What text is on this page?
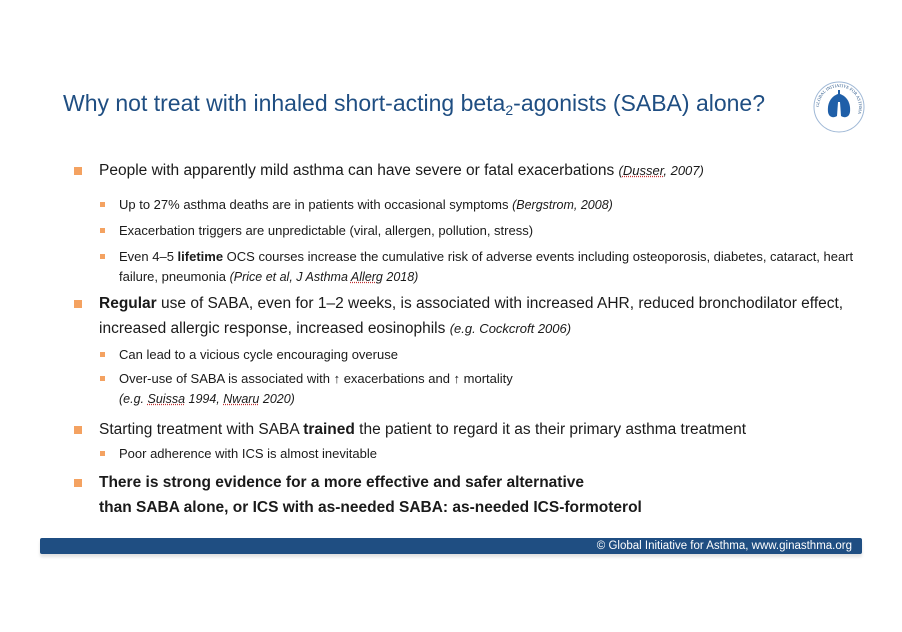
Why not treat with inhaled short-acting beta$_2$-agonists (SABA) alone?	GLOBAL INITIATIVE FOR ASTHMA
People with apparently mild asthma can have severe or fatal exacerbations (Dusser, 2007)
Up to 27% asthma deaths are in patients with occasional symptoms (Bergstrom, 2008)
Exacerbation triggers are unpredictable (viral, allergen, pollution, stress)
Even 4–5 lifetime OCS courses increase the cumulative risk of adverse events including osteoporosis, diabetes, cataract, heart failure, pneumonia (Price et al, J Asthma Allerg 2018)
Regular use of SABA, even for 1–2 weeks, is associated with increased AHR, reduced bronchodilator effect, increased allergic response, increased eosinophils (e.g. Cockcroft 2006)
Can lead to a vicious cycle encouraging overuse
Over-use of SABA is associated with ↑ exacerbations and ↑ mortality
(e.g. Suissa 1994, Nwaru 2020)
Starting treatment with SABA trained the patient to regard it as their primary asthma treatment
Poor adherence with ICS is almost inevitable
There is strong evidence for a more effective and safer alternative
than SABA alone, or ICS with as-needed SABA: as-needed ICS-formoterol
© Global Initiative for Asthma, www.ginasthma.org
